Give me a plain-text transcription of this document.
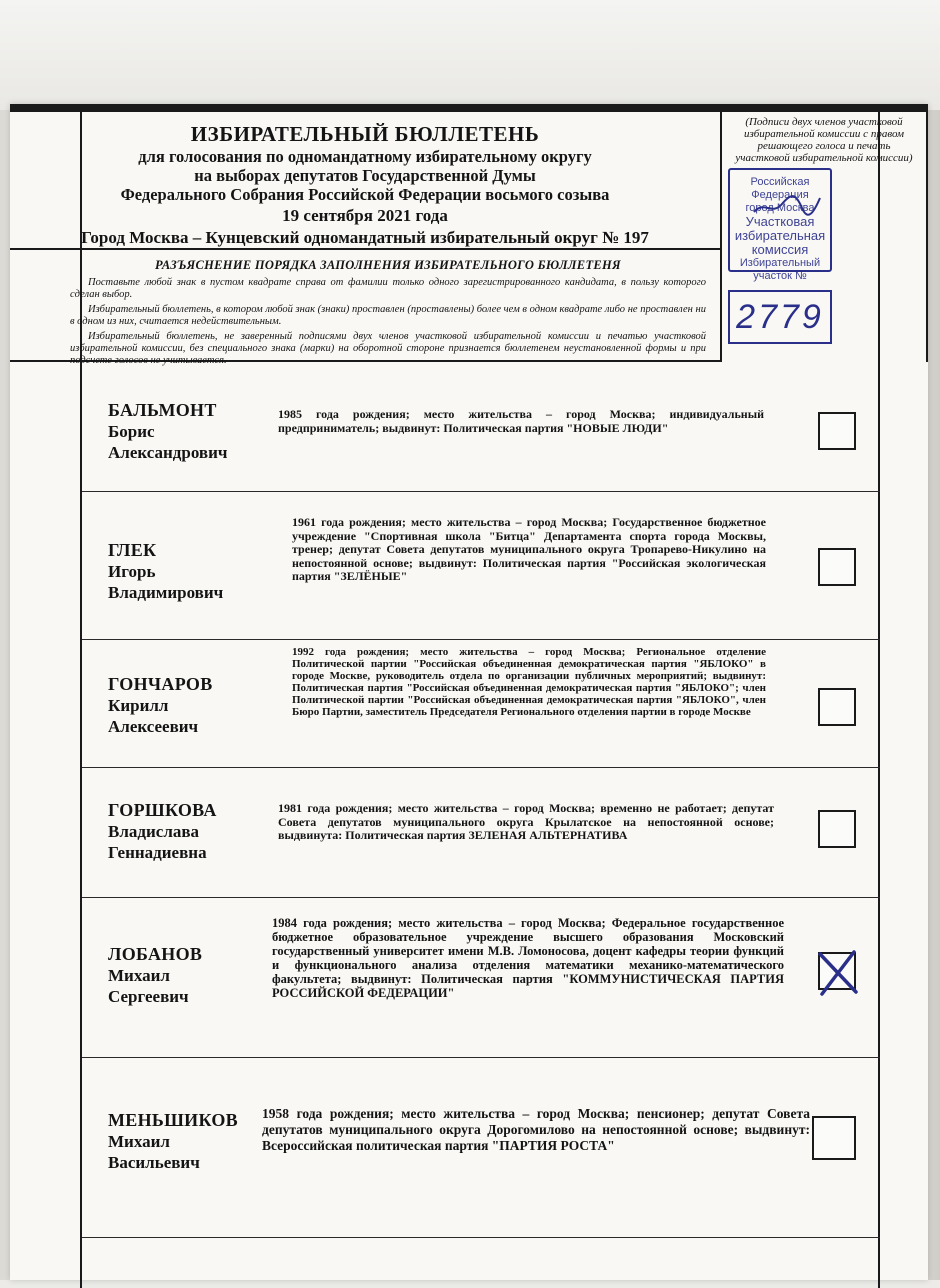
ИЗБИРАТЕЛЬНЫЙ БЮЛЛЕТЕНЬ
для голосования по одномандатному избирательному округу
на выборах депутатов Государственной Думы
Федерального Собрания Российской Федерации восьмого созыва
19 сентября 2021 года
Город Москва – Кунцевский одномандатный избирательный округ № 197
(Подписи двух членов участковой избирательной комиссии с правом решающего голоса и печать участковой избирательной комиссии)
Российская Федерация
город Москва
Участковая
избирательная
комиссия
Избирательный
участок №
2779
РАЗЪЯСНЕНИЕ ПОРЯДКА ЗАПОЛНЕНИЯ ИЗБИРАТЕЛЬНОГО БЮЛЛЕТЕНЯ

Поставьте любой знак в пустом квадрате справа от фамилии только одного зарегистрированного кандидата, в пользу которого сделан выбор.

Избирательный бюллетень, в котором любой знак (знаки) проставлен (проставлены) более чем в одном квадрате либо не проставлен ни в одном из них, считается недействительным.

Избирательный бюллетень, не заверенный подписями двух членов участковой избирательной комиссии и печатью участковой избирательной комиссии, без специального знака (марки) на оборотной стороне признается бюллетенем неустановленной формы и при подсчете голосов не учитывается.

БАЛЬМОНТ
Борис
Александрович
1985 года рождения; место жительства – город Москва; индивидуальный предприниматель; выдвинут: Политическая партия "НОВЫЕ ЛЮДИ"
ГЛЕК
Игорь
Владимирович
1961 года рождения; место жительства – город Москва; Государственное бюджетное учреждение "Спортивная школа "Битца" Департамента спорта города Москвы, тренер; депутат Совета депутатов муниципального округа Тропарево-Никулино на непостоянной основе; выдвинут: Политическая партия "Российская экологическая партия "ЗЕЛЁНЫЕ"
ГОНЧАРОВ
Кирилл
Алексеевич
1992 года рождения; место жительства – город Москва; Региональное отделение Политической партии "Российская объединенная демократическая партия "ЯБЛОКО" в городе Москве, руководитель отдела по организации публичных мероприятий; выдвинут: Политическая партия "Российская объединенная демократическая партия "ЯБЛОКО"; член Политической партии "Российская объединенная демократическая партия "ЯБЛОКО", член Бюро Партии, заместитель Председателя Регионального отделения партии в городе Москве
ГОРШКОВА
Владислава
Геннадиевна
1981 года рождения; место жительства – город Москва; временно не работает; депутат Совета депутатов муниципального округа Крылатское на непостоянной основе; выдвинута: Политическая партия ЗЕЛЕНАЯ АЛЬТЕРНАТИВА
ЛОБАНОВ
Михаил
Сергеевич
1984 года рождения; место жительства – город Москва; Федеральное государственное бюджетное образовательное учреждение высшего образования Московский государственный университет имени М.В. Ломоносова, доцент кафедры теории функций и функционального анализа отделения математики механико-математического факультета; выдвинут: Политическая партия "КОММУНИСТИЧЕСКАЯ ПАРТИЯ РОССИЙСКОЙ ФЕДЕРАЦИИ"
МЕНЬШИКОВ
Михаил
Васильевич
1958 года рождения; место жительства – город Москва; пенсионер; депутат Совета депутатов муниципального округа Дорогомилово на непостоянной основе; выдвинут: Всероссийская политическая партия "ПАРТИЯ РОСТА"
